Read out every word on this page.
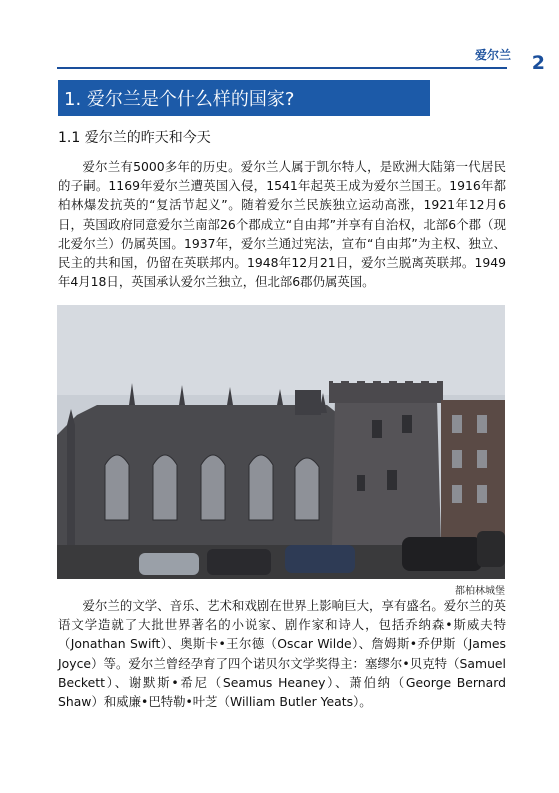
爱尔兰 2
1. 爱尔兰是个什么样的国家?
1.1 爱尔兰的昨天和今天

爱尔兰有5000多年的历史。爱尔兰人属于凯尔特人，是欧洲大陆第一代居民的子嗣。1169年爱尔兰遭英国入侵，1541年起英王成为爱尔兰国王。1916年都柏林爆发抗英的“复活节起义”。随着爱尔兰民族独立运动高涨，1921年12月6日，英国政府同意爱尔兰南部26个郡成立“自由邦”并享有自治权，北部6个郡（现北爱尔兰）仍属英国。1937年，爱尔兰通过宪法，宣布“自由邦”为主权、独立、民主的共和国，仍留在英联邦内。1948年12月21日，爱尔兰脱离英联邦。1949年4月18日，英国承认爱尔兰独立，但北部6郡仍属英国。

都柏林城堡

爱尔兰的文学、音乐、艺术和戏剧在世界上影响巨大，享有盛名。爱尔兰的英语文学造就了大批世界著名的小说家、剧作家和诗人，包括乔纳森•斯威夫特（Jonathan Swift）、奥斯卡•王尔德（Oscar Wilde）、詹姆斯•乔伊斯（James Joyce）等。爱尔兰曾经孕育了四个诺贝尔文学奖得主：塞缪尔•贝克特（Samuel Beckett）、谢默斯•希尼（Seamus Heaney）、萧伯纳（George Bernard Shaw）和威廉•巴特勒•叶芝（William Butler Yeats）。
